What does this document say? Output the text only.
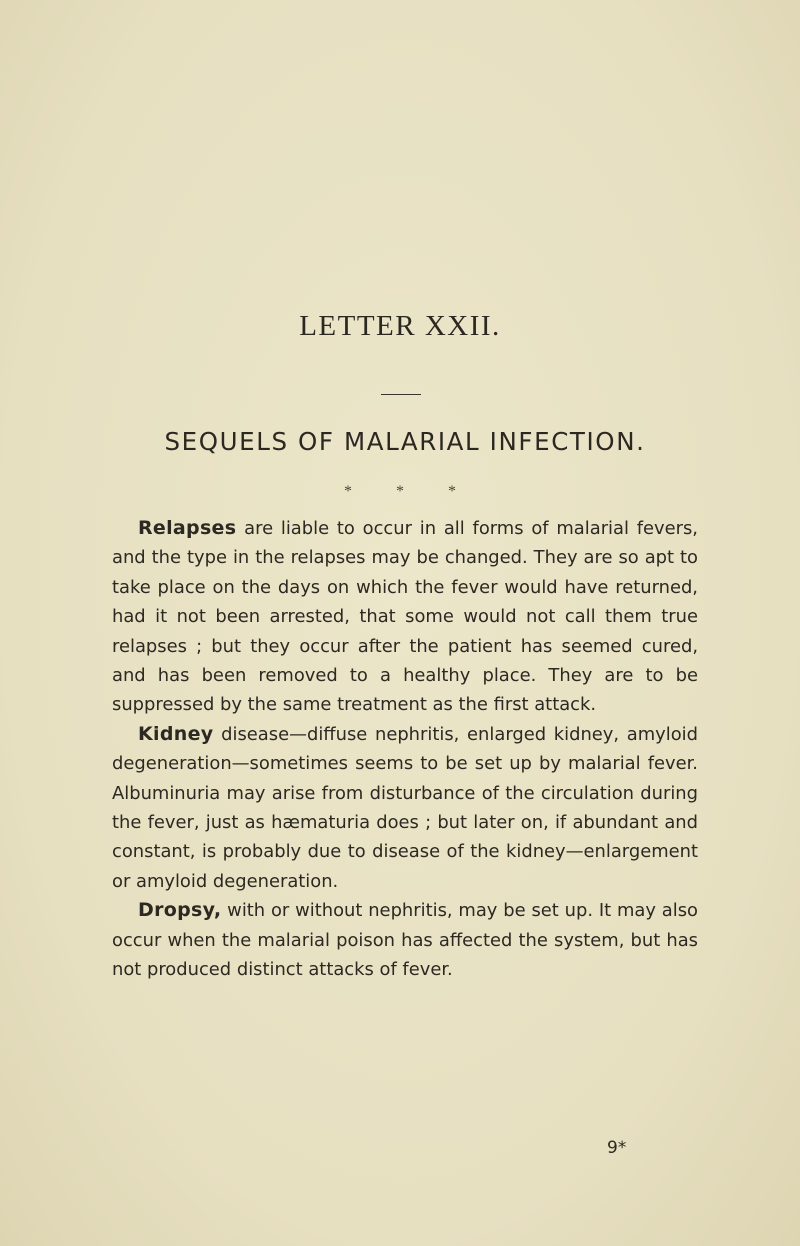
LETTER XXII.
SEQUELS OF MALARIAL INFECTION.
* * *

Relapses are liable to occur in all forms of malarial fevers, and the type in the relapses may be changed. They are so apt to take place on the days on which the fever would have returned, had it not been arrested, that some would not call them true relapses ; but they occur after the patient has seemed cured, and has been removed to a healthy place. They are to be suppressed by the same treatment as the first attack.

Kidney disease—diffuse nephritis, enlarged kidney, amyloid degeneration—sometimes seems to be set up by malarial fever. Albuminuria may arise from disturbance of the circulation during the fever, just as hæmaturia does ; but later on, if abundant and constant, is probably due to disease of the kidney—enlargement or amyloid degeneration.

Dropsy, with or without nephritis, may be set up. It may also occur when the malarial poison has affected the system, but has not produced distinct attacks of fever.

9*
